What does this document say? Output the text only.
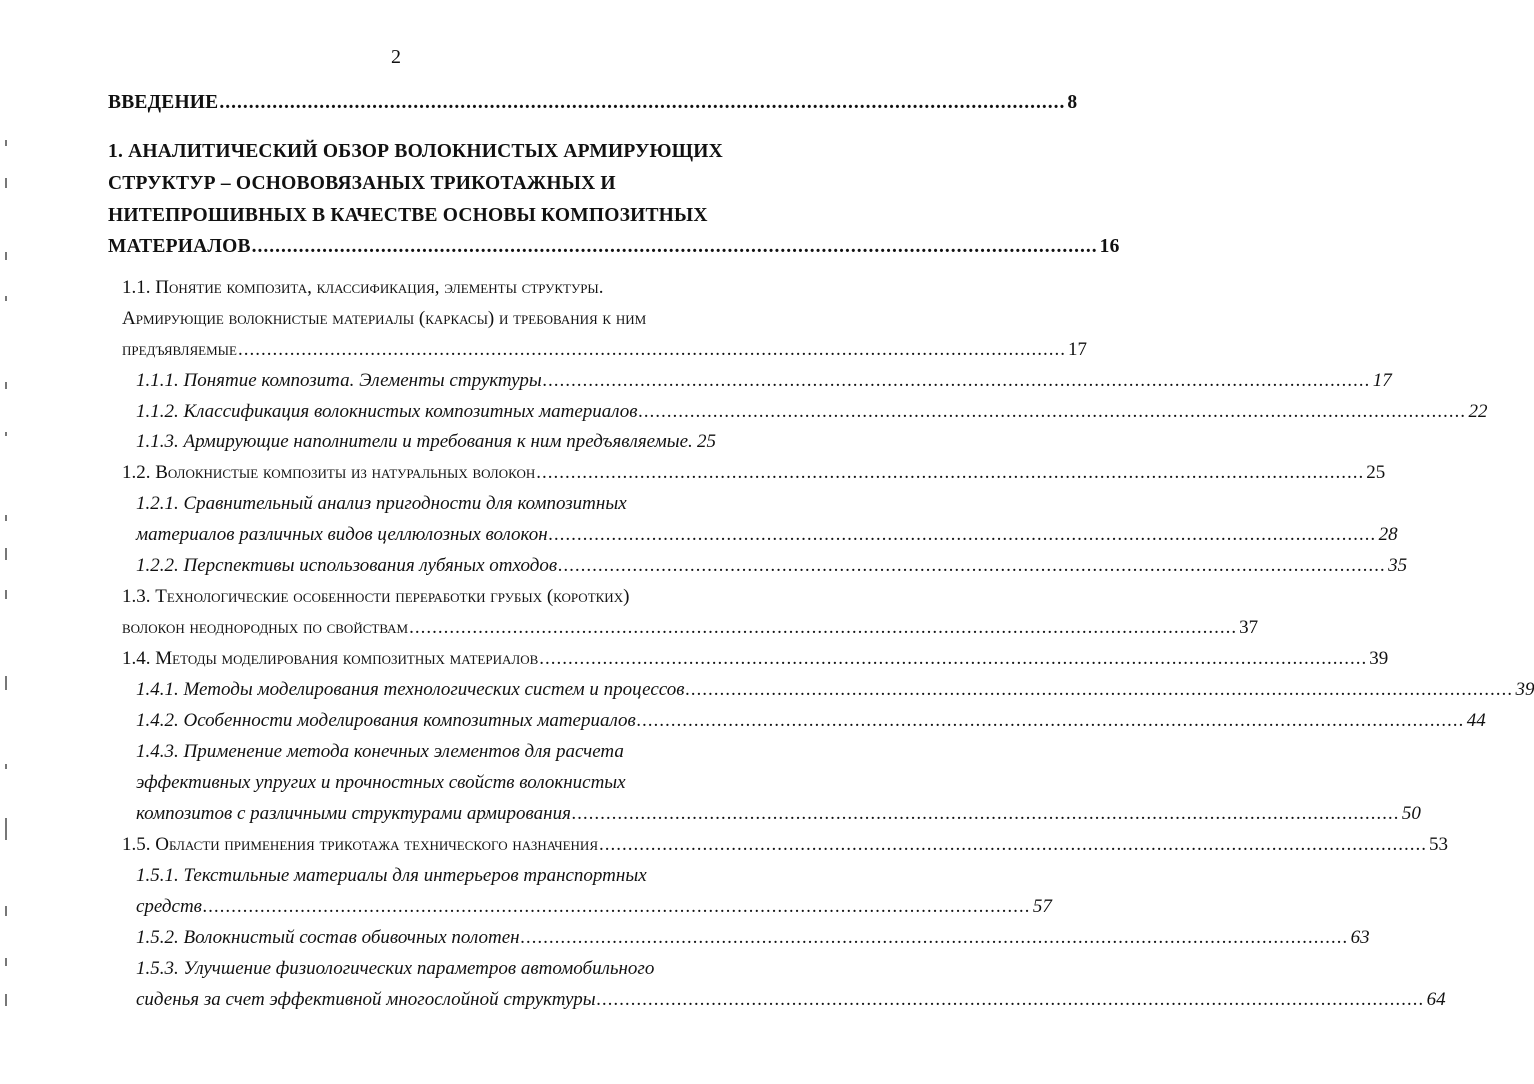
2
ВВЕДЕНИЕ ................................................................................................................................................ 8
1. АНАЛИТИЧЕСКИЙ ОБЗОР ВОЛОКНИСТЫХ АРМИРУЮЩИХ
СТРУКТУР – ОСНОВОВЯЗАНЫХ ТРИКОТАЖНЫХ И
НИТЕПРОШИВНЫХ В КАЧЕСТВЕ ОСНОВЫ КОМПОЗИТНЫХ
МАТЕРИАЛОВ ................................................................................................................................................ 16
1.1. Понятие композита, классификация, элементы структуры.
Армирующие волокнистые материалы (каркасы) и требования к ним
предъявляемые ................................................................................................................................................ 17
1.1.1. Понятие композита. Элементы структуры ................................................................................................................................................ 17
1.1.2. Классификация волокнистых композитных материалов ................................................................................................................................................ 22
1.1.3. Армирующие наполнители и требования к ним предъявляемые. 25
1.2. Волокнистые композиты из натуральных волокон ................................................................................................................................................ 25
1.2.1. Сравнительный анализ пригодности для композитных
материалов различных видов целлюлозных волокон ................................................................................................................................................ 28
1.2.2. Перспективы использования лубяных отходов ................................................................................................................................................ 35
1.3. Технологические особенности переработки грубых (коротких)
волокон неоднородных по свойствам ................................................................................................................................................ 37
1.4. Методы моделирования композитных материалов ................................................................................................................................................ 39
1.4.1. Методы моделирования технологических систем и процессов ................................................................................................................................................ 39
1.4.2. Особенности моделирования композитных материалов ................................................................................................................................................ 44
1.4.3. Применение метода конечных элементов для расчета
эффективных упругих и прочностных свойств волокнистых
композитов с различными структурами армирования ................................................................................................................................................ 50
1.5. Области применения трикотажа технического назначения ................................................................................................................................................ 53
1.5.1. Текстильные материалы для интерьеров транспортных
средств ................................................................................................................................................ 57
1.5.2. Волокнистый состав обивочных полотен ................................................................................................................................................ 63
1.5.3. Улучшение физиологических параметров автомобильного
сиденья за счет эффективной многослойной структуры ................................................................................................................................................ 64
